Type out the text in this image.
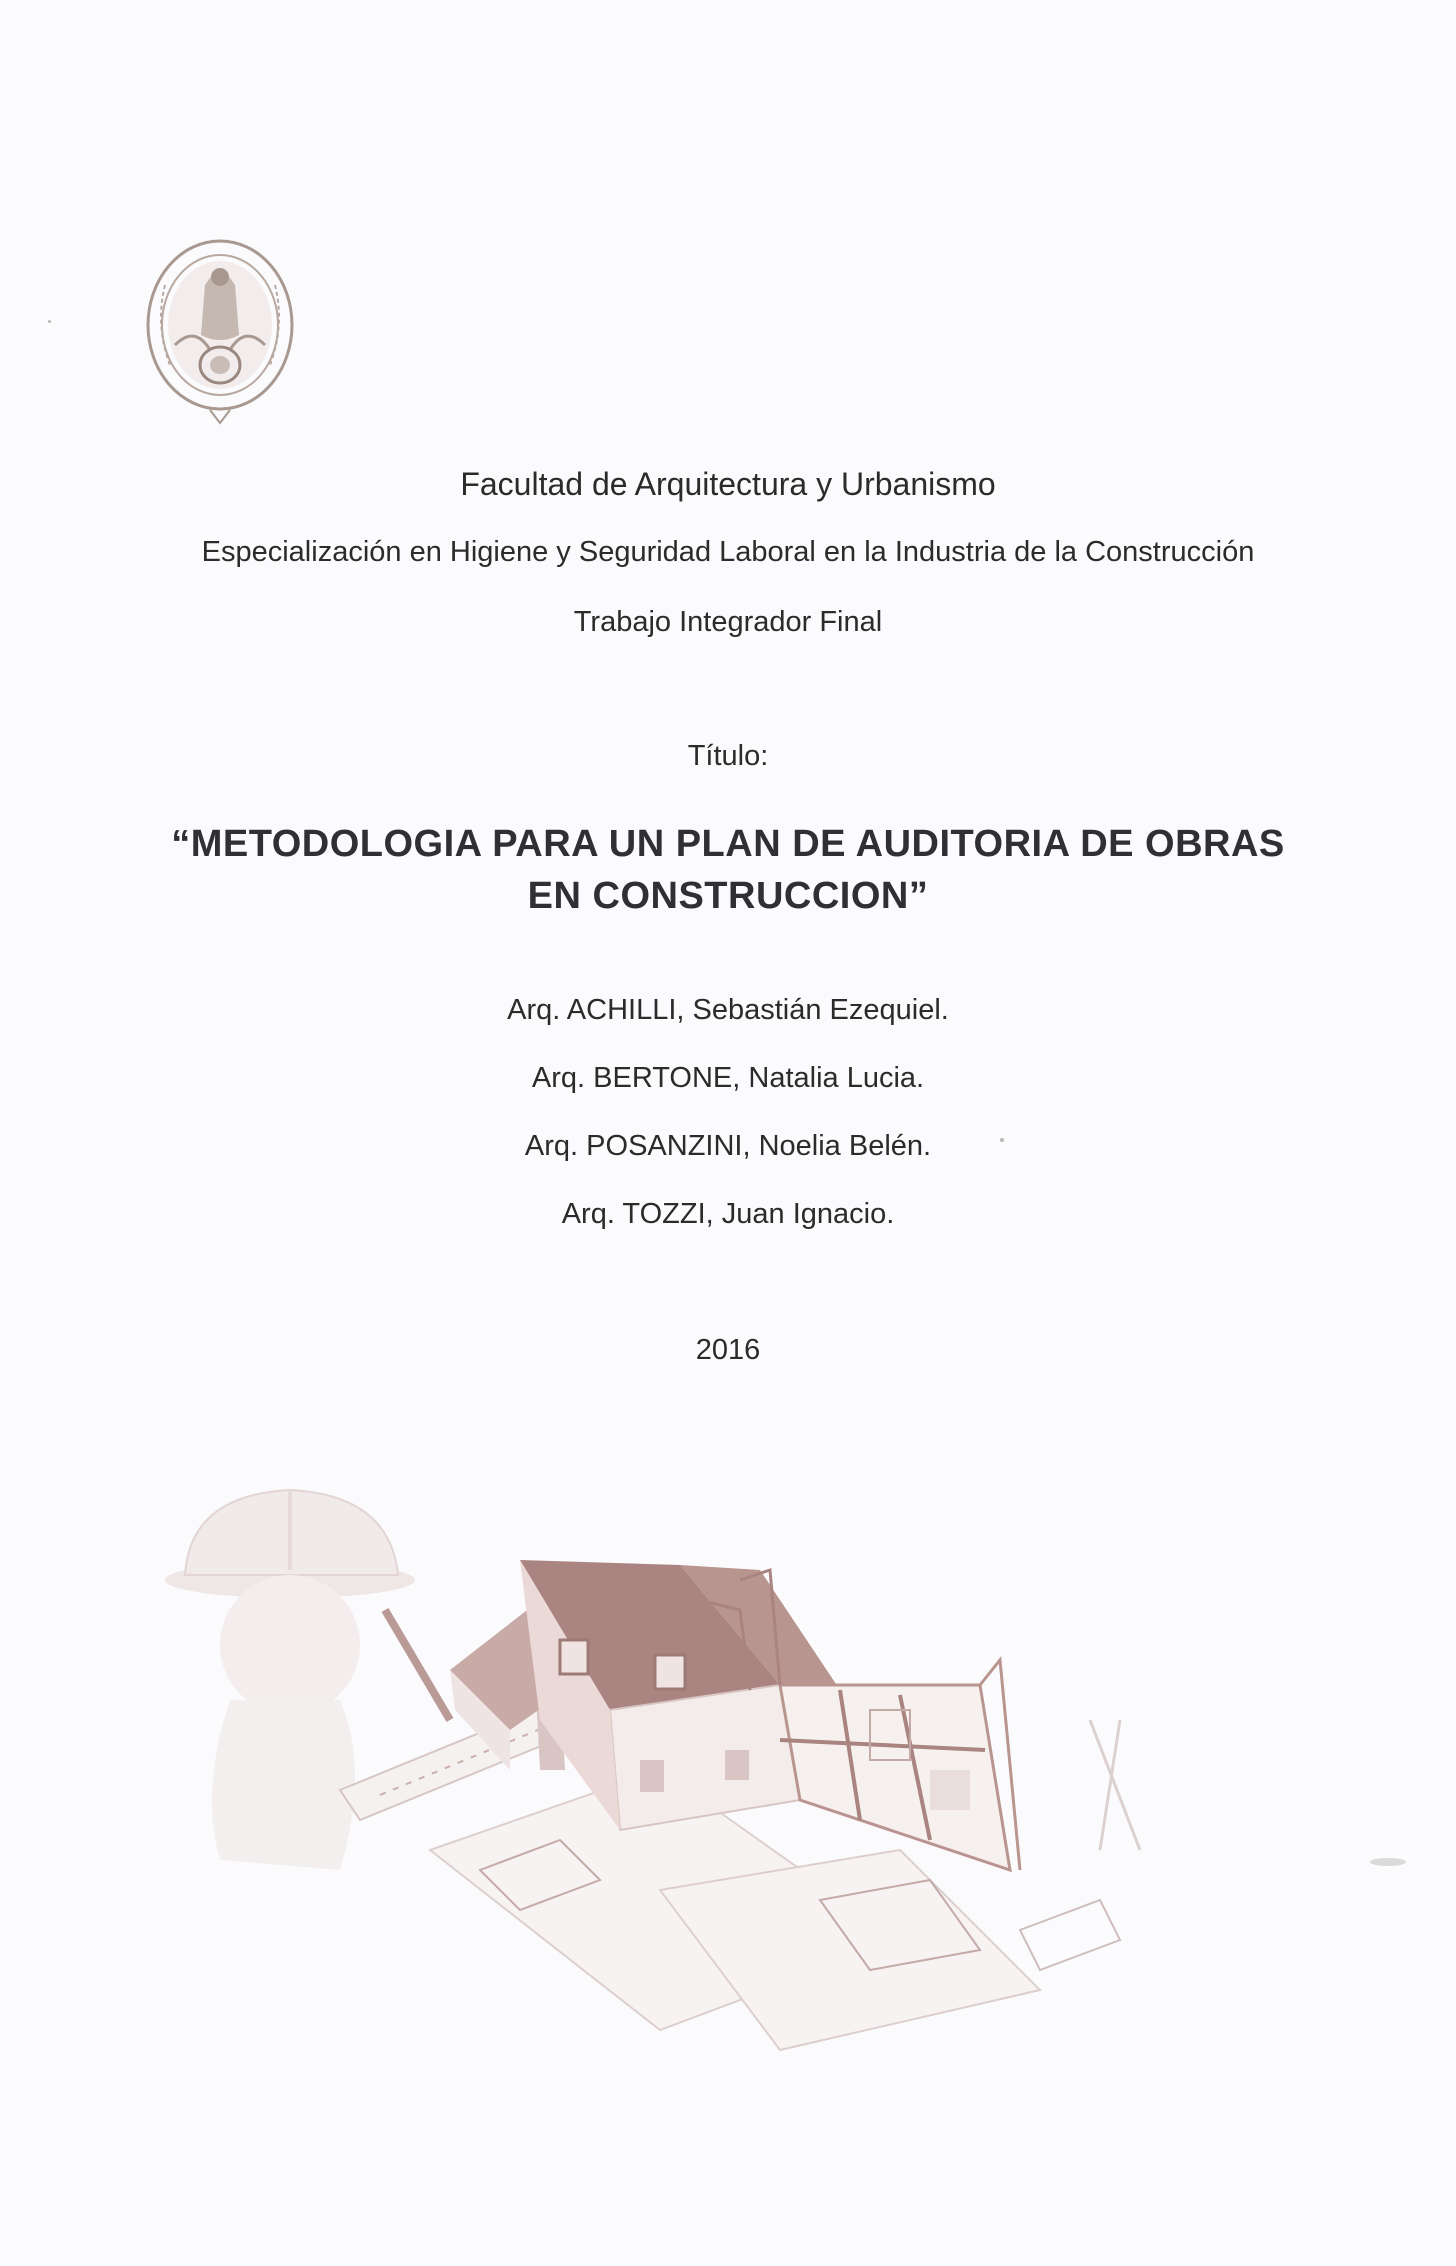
Facultad de Arquitectura y Urbanismo
Especialización en Higiene y Seguridad Laboral en la Industria de la Construcción
Trabajo Integrador Final
Título:
“METODOLOGIA PARA UN PLAN DE AUDITORIA DE OBRAS
EN CONSTRUCCION”
Arq. ACHILLI, Sebastián Ezequiel.
Arq. BERTONE, Natalia Lucia.
Arq. POSANZINI, Noelia Belén.
Arq. TOZZI, Juan Ignacio.
2016
